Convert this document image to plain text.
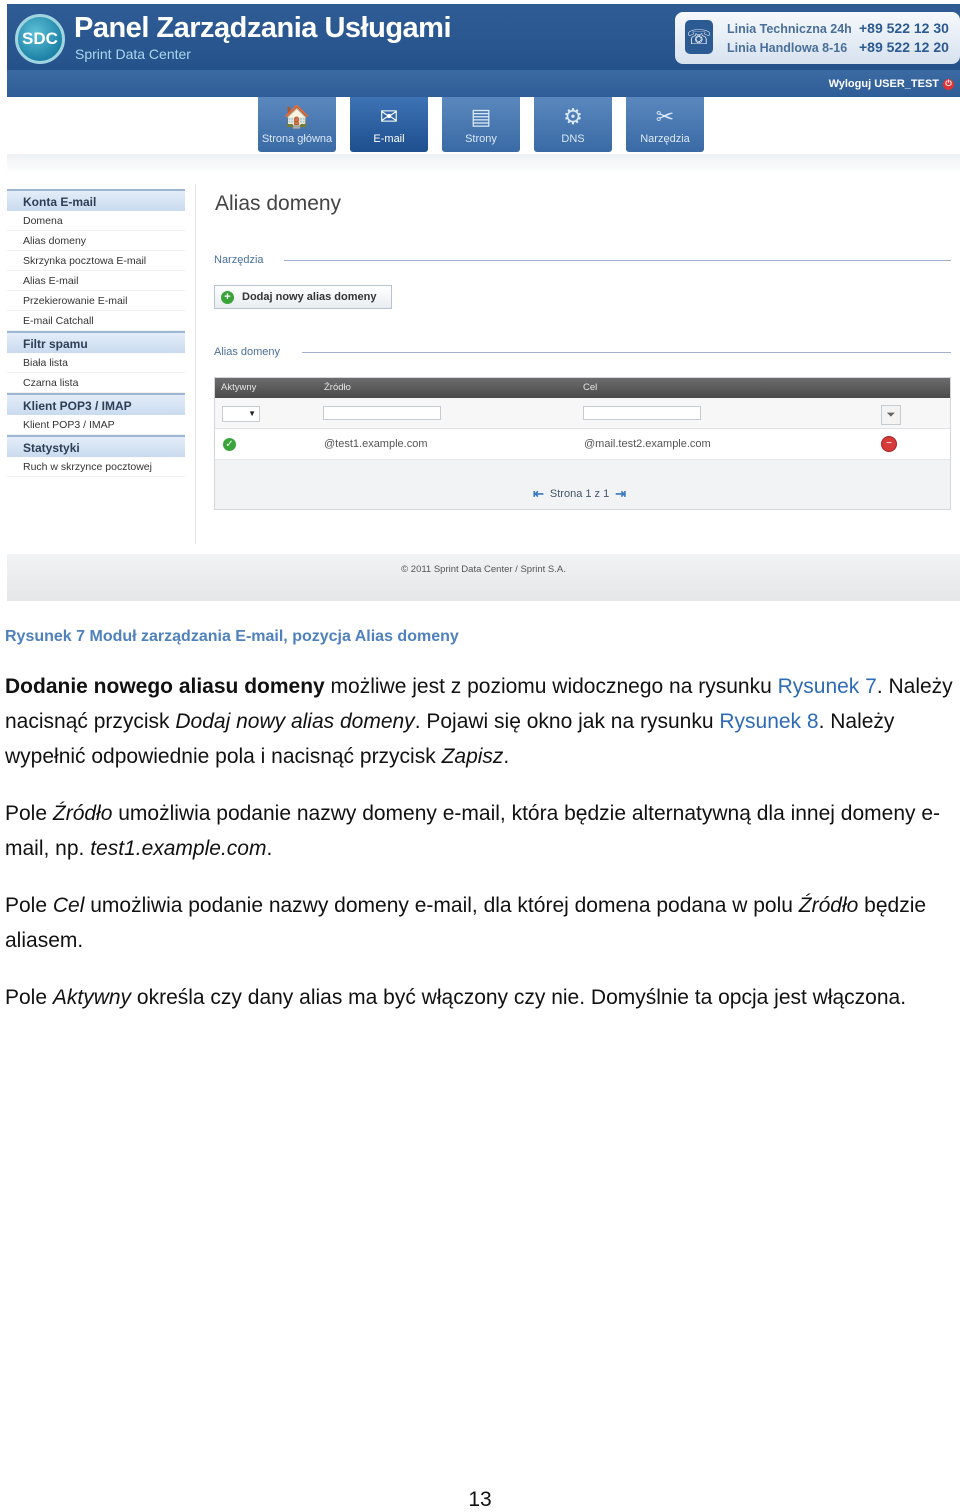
SDC Panel Zarządzania Usługami
Sprint Data Center
☏ Linia Techniczna 24h +89 522 12 30
Linia Handlowa 8-16 +89 522 12 20
Wyloguj USER_TEST ⏻
🏠
Strona główna
✉
E-mail
▤
Strony
⚙
DNS
✂
Narzędzia
Konta E-mail
Domena
Alias domeny
Skrzynka pocztowa E-mail
Alias E-mail
Przekierowanie E-mail
E-mail Catchall
Filtr spamu
Biała lista
Czarna lista
Klient POP3 / IMAP
Klient POP3 / IMAP
Statystyki
Ruch w skrzynce pocztowej
Alias domeny
Narzędzia
+ Dodaj nowy alias domeny
Alias domeny
Aktywny	Źródło	Cel
▼	⏷
✓	@test1.example.com	@mail.test2.example.com	−
⇤ Strona 1 z 1 ⇥
© 2011 Sprint Data Center / Sprint S.A.
Rysunek 7 Moduł zarządzania E-mail, pozycja Alias domeny

Dodanie nowego aliasu domeny możliwe jest z poziomu widocznego na rysunku Rysunek 7. Należy nacisnąć przycisk Dodaj nowy alias domeny. Pojawi się okno jak na rysunku Rysunek 8. Należy wypełnić odpowiednie pola i nacisnąć przycisk Zapisz.

Pole Źródło umożliwia podanie nazwy domeny e-mail, która będzie alternatywną dla innej domeny e-mail, np. test1.example.com.

Pole Cel umożliwia podanie nazwy domeny e-mail, dla której domena podana w polu Źródło będzie aliasem.

Pole Aktywny określa czy dany alias ma być włączony czy nie. Domyślnie ta opcja jest włączona.

13
